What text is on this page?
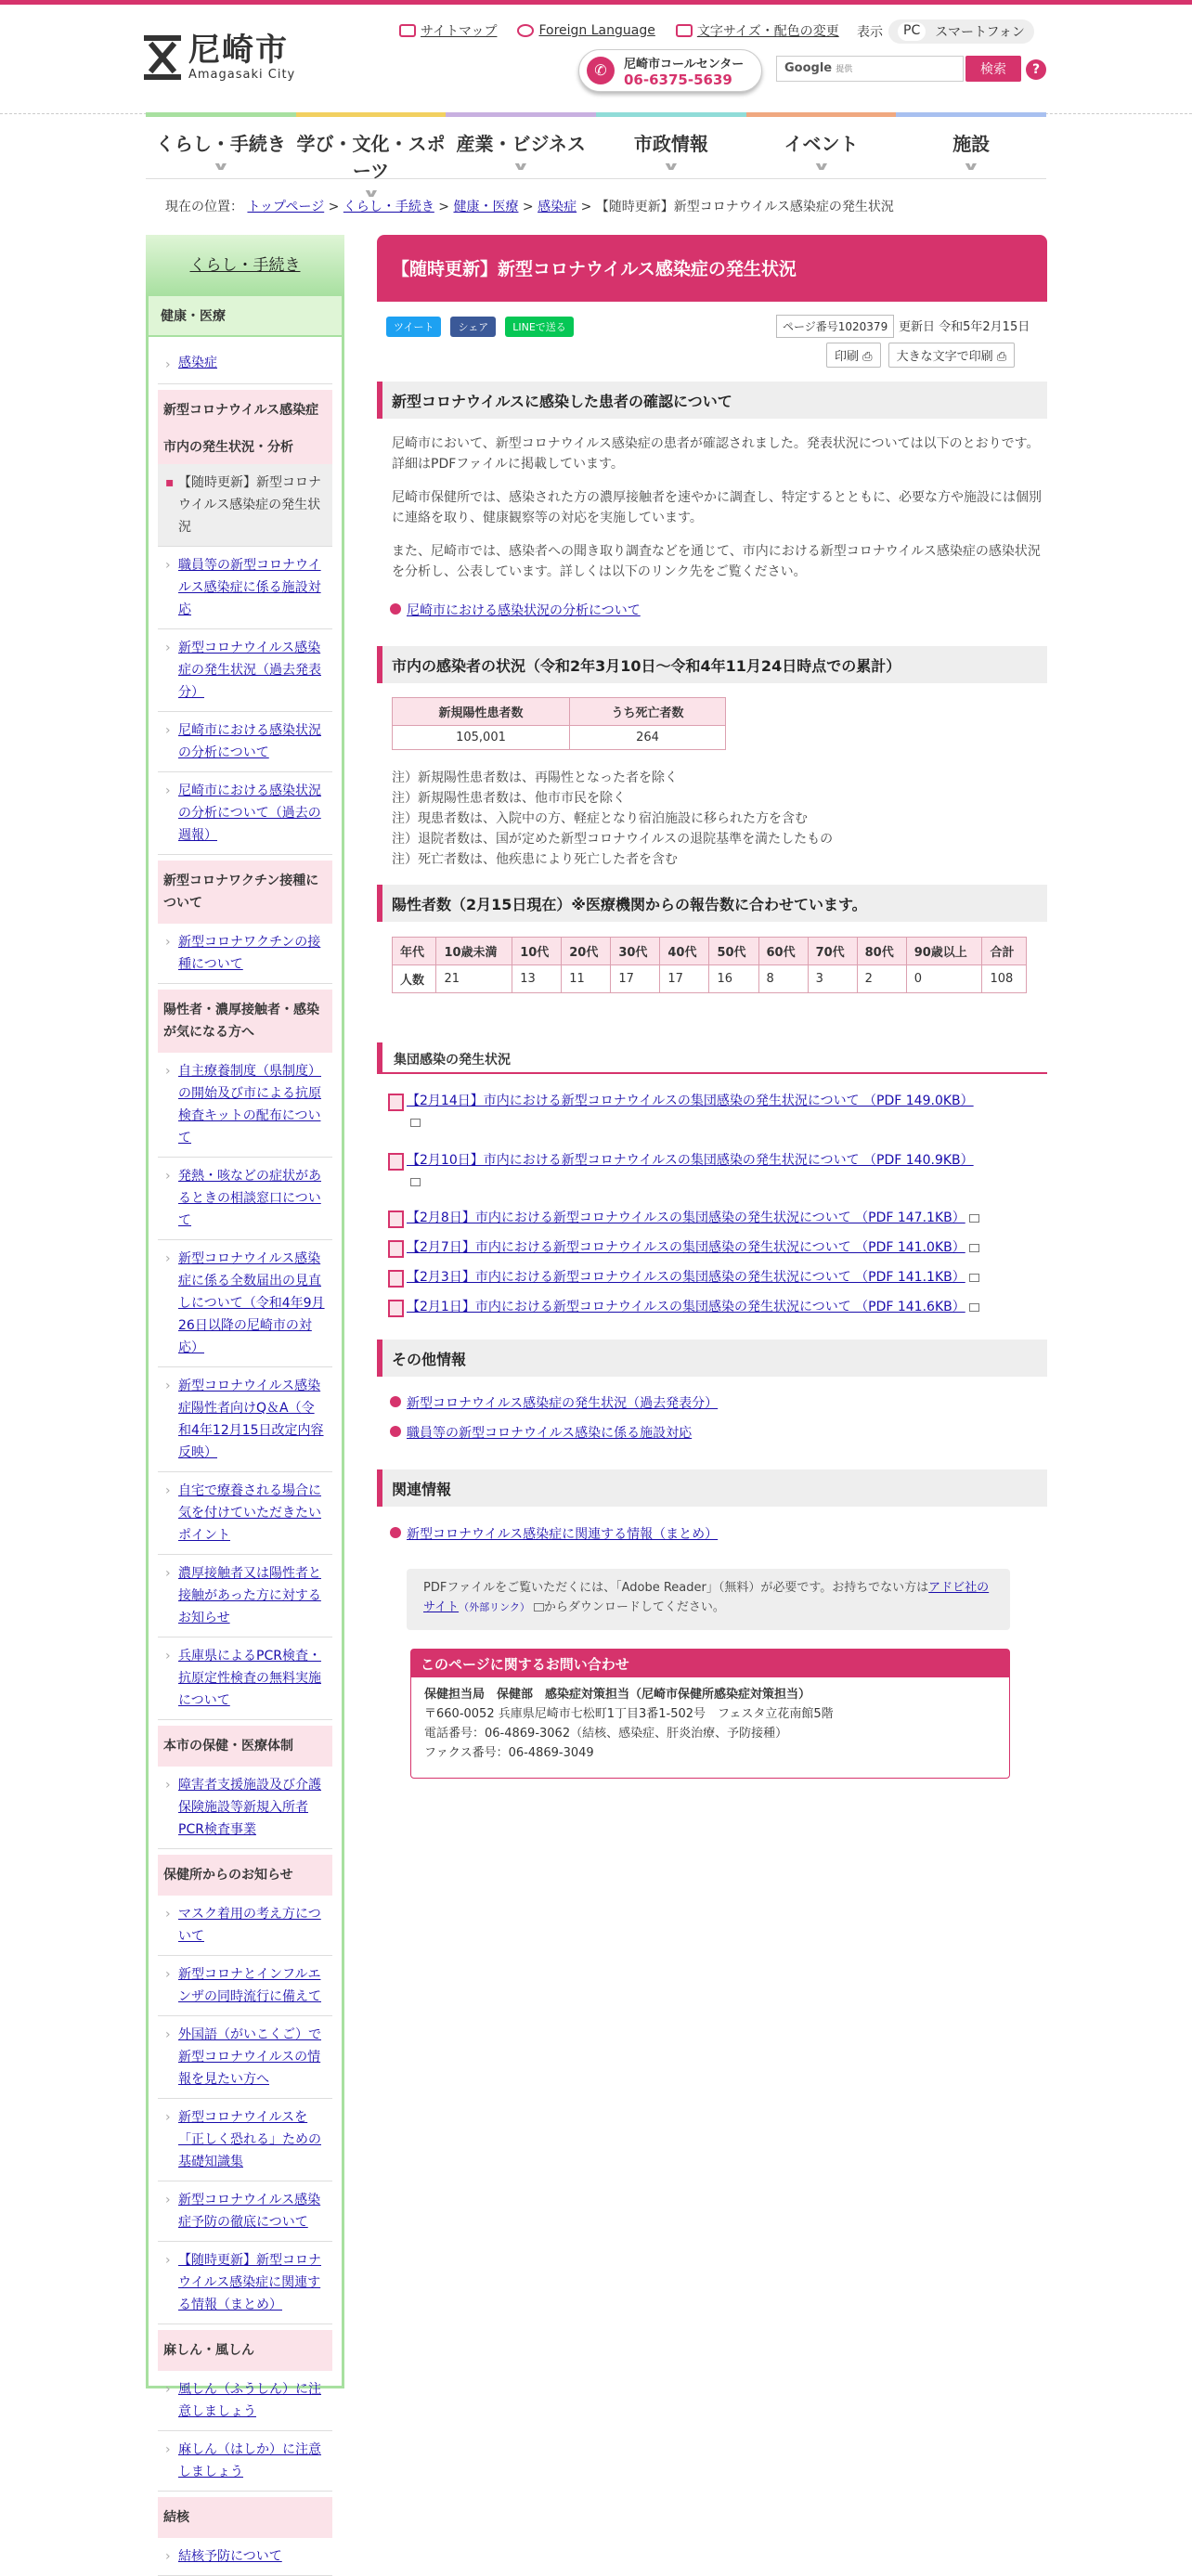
尼崎市
Amagasaki City
サイトマップ	Foreign Language	文字サイズ・配色の変更 表示	PC	スマートフォン
✆	尼崎市コールセンター
06-6375-5639
Google 提供	検索	?
くらし・手続き
∨
学び・文化・スポーツ
∨
産業・ビジネス
∨
市政情報
∨
イベント
∨
施設
∨
現在の位置： トップページ > くらし・手続き > 健康・医療 > 感染症 > 【随時更新】新型コロナウイルス感染症の発生状況
くらし・手続き
健康・医療
› 感染症
新型コロナウイルス感染症
市内の発生状況・分析
▪ 【随時更新】新型コロナウイルス感染症の発生状況
› 職員等の新型コロナウイルス感染症に係る施設対応
› 新型コロナウイルス感染症の発生状況（過去発表分）
› 尼崎市における感染状況の分析について
› 尼崎市における感染状況の分析について（過去の週報）
新型コロナワクチン接種について
› 新型コロナワクチンの接種について
陽性者・濃厚接触者・感染が気になる方へ
› 自主療養制度（県制度）の開始及び市による抗原検査キットの配布について
› 発熱・咳などの症状があるときの相談窓口について
› 新型コロナウイルス感染症に係る全数届出の見直しについて（令和4年9月26日以降の尼崎市の対応）
› 新型コロナウイルス感染症陽性者向けQ＆A（令和4年12月15日改定内容反映）
› 自宅で療養される場合に気を付けていただきたいポイント
› 濃厚接触者又は陽性者と接触があった方に対するお知らせ
› 兵庫県によるPCR検査・抗原定性検査の無料実施について
本市の保健・医療体制
› 障害者支援施設及び介護保険施設等新規入所者PCR検査事業
保健所からのお知らせ
› マスク着用の考え方について
› 新型コロナとインフルエンザの同時流行に備えて
› 外国語（がいこくご）で新型コロナウイルスの情報を見たい方へ
› 新型コロナウイルスを「正しく恐れる」ための基礎知識集
› 新型コロナウイルス感染症予防の徹底について
› 【随時更新】新型コロナウイルス感染症に関連する情報（まとめ）
麻しん・風しん
› 風しん（ふうしん）に注意しましょう
› 麻しん（はしか）に注意しましょう
結核
› 結核予防について
【随時更新】新型コロナウイルス感染症の発生状況
ツイート	シェア	LINEで送る	ページ番号1020379 更新日 令和5年2月15日
印刷 ⎙	大きな文字で印刷 ⎙
新型コロナウイルスに感染した患者の確認について

尼崎市において、新型コロナウイルス感染症の患者が確認されました。発表状況については以下のとおりです。詳細はPDFファイルに掲載しています。

尼崎市保健所では、感染された方の濃厚接触者を速やかに調査し、特定するとともに、必要な方や施設には個別に連絡を取り、健康観察等の対応を実施しています。

また、尼崎市では、感染者への聞き取り調査などを通じて、市内における新型コロナウイルス感染症の感染状況を分析し、公表しています。詳しくは以下のリンク先をご覧ください。

尼崎市における感染状況の分析について
市内の感染者の状況（令和2年3月10日～令和4年11月24日時点での累計）
新規陽性患者数	うち死亡者数
105,001	264
注）新規陽性患者数は、再陽性となった者を除く
注）新規陽性患者数は、他市市民を除く
注）現患者数は、入院中の方、軽症となり宿泊施設に移られた方を含む
注）退院者数は、国が定めた新型コロナウイルスの退院基準を満たしたもの
注）死亡者数は、他疾患により死亡した者を含む
陽性者数（2月15日現在）※医療機関からの報告数に合わせています。
年代	10歳未満	10代	20代	30代	40代	50代	60代	70代	80代	90歳以上	合計
人数	21	13	11	17	17	16	8	3	2	0	108
集団感染の発生状況
【2月14日】市内における新型コロナウイルスの集団感染の発生状況について （PDF 149.0KB）
【2月10日】市内における新型コロナウイルスの集団感染の発生状況について （PDF 140.9KB）
【2月8日】市内における新型コロナウイルスの集団感染の発生状況について （PDF 147.1KB）
【2月7日】市内における新型コロナウイルスの集団感染の発生状況について （PDF 141.0KB）
【2月3日】市内における新型コロナウイルスの集団感染の発生状況について （PDF 141.1KB）
【2月1日】市内における新型コロナウイルスの集団感染の発生状況について （PDF 141.6KB）
その他情報
新型コロナウイルス感染症の発生状況（過去発表分）
職員等の新型コロナウイルス感染に係る施設対応
関連情報
新型コロナウイルス感染症に関連する情報（まとめ）
PDFファイルをご覧いただくには、「Adobe Reader」（無料）が必要です。お持ちでない方はアドビ社のサイト（外部リンク） からダウンロードしてください。
このページに関するお問い合わせ
保健担当局　保健部　感染症対策担当（尼崎市保健所感染症対策担当）
〒660-0052 兵庫県尼崎市七松町1丁目3番1-502号　フェスタ立花南館5階
電話番号：06-4869-3062（結核、感染症、肝炎治療、予防接種）
ファクス番号：06-4869-3049
